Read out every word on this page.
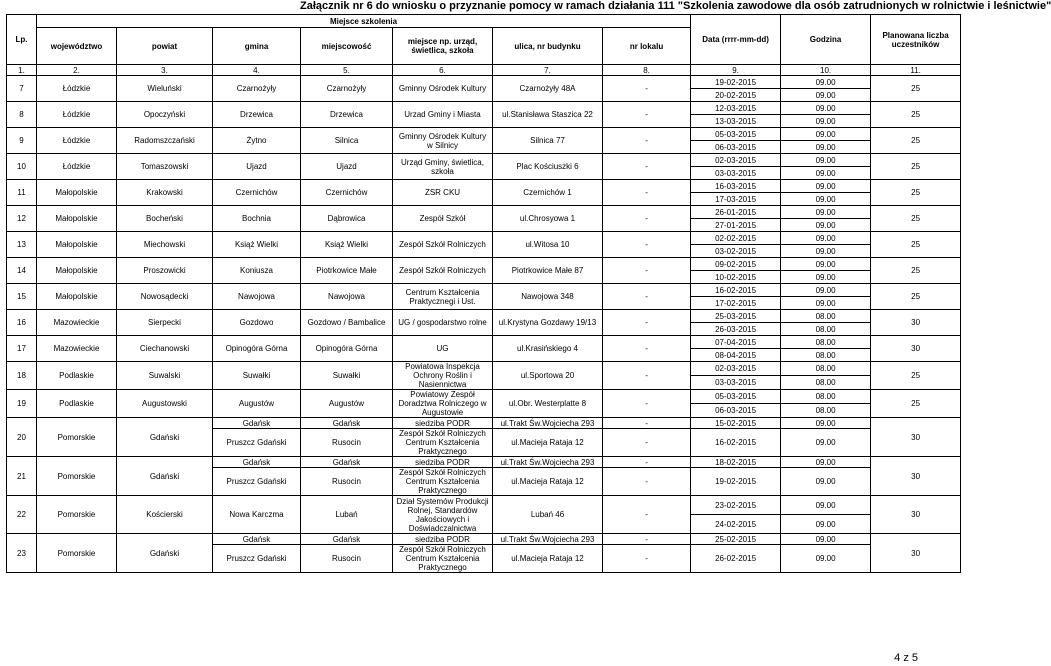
Załącznik nr 6 do wniosku o przyznanie pomocy w ramach działania 111 "Szkolenia zawodowe dla osób zatrudnionych w rolnictwie i leśnictwie"
Lp.	Miejsce szkolenia							Data (rrrr-mm-dd)	Godzina	Planowana liczba uczestników
	województwo	powiat	gmina	miejscowość	miejsce np. urząd, świetlica, szkoła	ulica, nr budynku	nr lokalu			
1.	2.	3.	4.	5.	6.	7.	8.	9.	10.	11.
7	Łódzkie	Wieluński	Czarnożyły	Czarnożyły	Gminny Ośrodek Kultury	Czarnożyły 48A	-	19-02-2015	09.00	25
								20-02-2015	09.00	
8	Łódzkie	Opoczyński	Drzewica	Drzewica	Urzad Gminy i Miasta	ul.Stanisława Staszica 22	-	12-03-2015	09.00	25
								13-03-2015	09.00	
9	Łódzkie	Radomszczański	Żytno	Silnica	Gminny Ośrodek Kultury w Silnicy	Silnica 77	-	05-03-2015	09.00	25
								06-03-2015	09.00	
10	Łódzkie	Tomaszowski	Ujazd	Ujazd	Urząd Gminy, świetlica, szkoła	Plac Kościuszki 6	-	02-03-2015	09.00	25
								03-03-2015	09.00	
11	Małopolskie	Krakowski	Czernichów	Czernichów	ZSR CKU	Czernichów 1	-	16-03-2015	09.00	25
								17-03-2015	09.00	
12	Małopolskie	Bocheński	Bochnia	Dąbrowica	Zespół Szkół	ul.Chrosyowa 1	-	26-01-2015	09.00	25
								27-01-2015	09.00	
13	Małopolskie	Miechowski	Książ Wielki	Książ Wielki	Zespół Szkół Rolniczych	ul.Witosa 10	-	02-02-2015	09.00	25
								03-02-2015	09.00	
14	Małopolskie	Proszowicki	Koniusza	Piotrkowice Małe	Zespół Szkół Rolniczych	Piotrkowice Małe 87	-	09-02-2015	09.00	25
								10-02-2015	09.00	
15	Małopolskie	Nowosądecki	Nawojowa	Nawojowa	Centrum Kształcenia Praktycznegi i Ust.	Nawojowa 348	-	16-02-2015	09.00	25
								17-02-2015	09.00	
16	Mazowieckie	Sierpecki	Gozdowo	Gozdowo / Bambalice	UG / gospodarstwo rolne	ul.Krystyna Gozdawy 19/13	-	25-03-2015	08.00	30
								26-03-2015	08.00	
17	Mazowieckie	Ciechanowski	Opinogóra Górna	Opinogóra Górna	UG	ul.Krasińskiego 4	-	07-04-2015	08.00	30
								08-04-2015	08.00	
18	Podlaskie	Suwalski	Suwałki	Suwałki	Powiatowa Inspekcja Ochrony Roślin i Nasiennictwa	ul.Sportowa 20	-	02-03-2015	08.00	25
								03-03-2015	08.00	
19	Podlaskie	Augustowski	Augustów	Augustów	Powiatowy Zespół Doradztwa Rolniczego w Augustowie	ul.Obr. Westerplatte 8	-	05-03-2015	08.00	25
								06-03-2015	08.00	
20	Pomorskie	Gdański	Gdańsk	Gdańsk	siedziba PODR	ul.Trakt Św.Wojciecha 293	-	15-02-2015	09.00	30
			Pruszcz Gdański	Rusocin	Zespół Szkół Rolniczych Centrum Kształcenia Praktycznego	ul.Macieja Rataja 12	-	16-02-2015	09.00	
21	Pomorskie	Gdański	Gdańsk	Gdańsk	siedziba PODR	ul.Trakt Św.Wojciecha 293	-	18-02-2015	09.00	30
			Pruszcz Gdański	Rusocin	Zespół Szkół Rolniczych Centrum Kształcenia Praktycznego	ul.Macieja Rataja 12	-	19-02-2015	09.00	
22	Pomorskie	Kościerski	Nowa Karczma	Lubań	Dział Systemów Produkcji Rolnej, Standardów Jakościowych i Doświadczalnictwa	Lubań 46	-	23-02-2015	09.00	30
								24-02-2015	09.00	
23	Pomorskie	Gdański	Gdańsk	Gdańsk	siedziba PODR	ul.Trakt Św.Wojciecha 293	-	25-02-2015	09.00	30
			Pruszcz Gdański	Rusocin	Zespół Szkół Rolniczych Centrum Kształcenia Praktycznego	ul.Macieja Rataja 12	-	26-02-2015	09.00	
4 z 5
